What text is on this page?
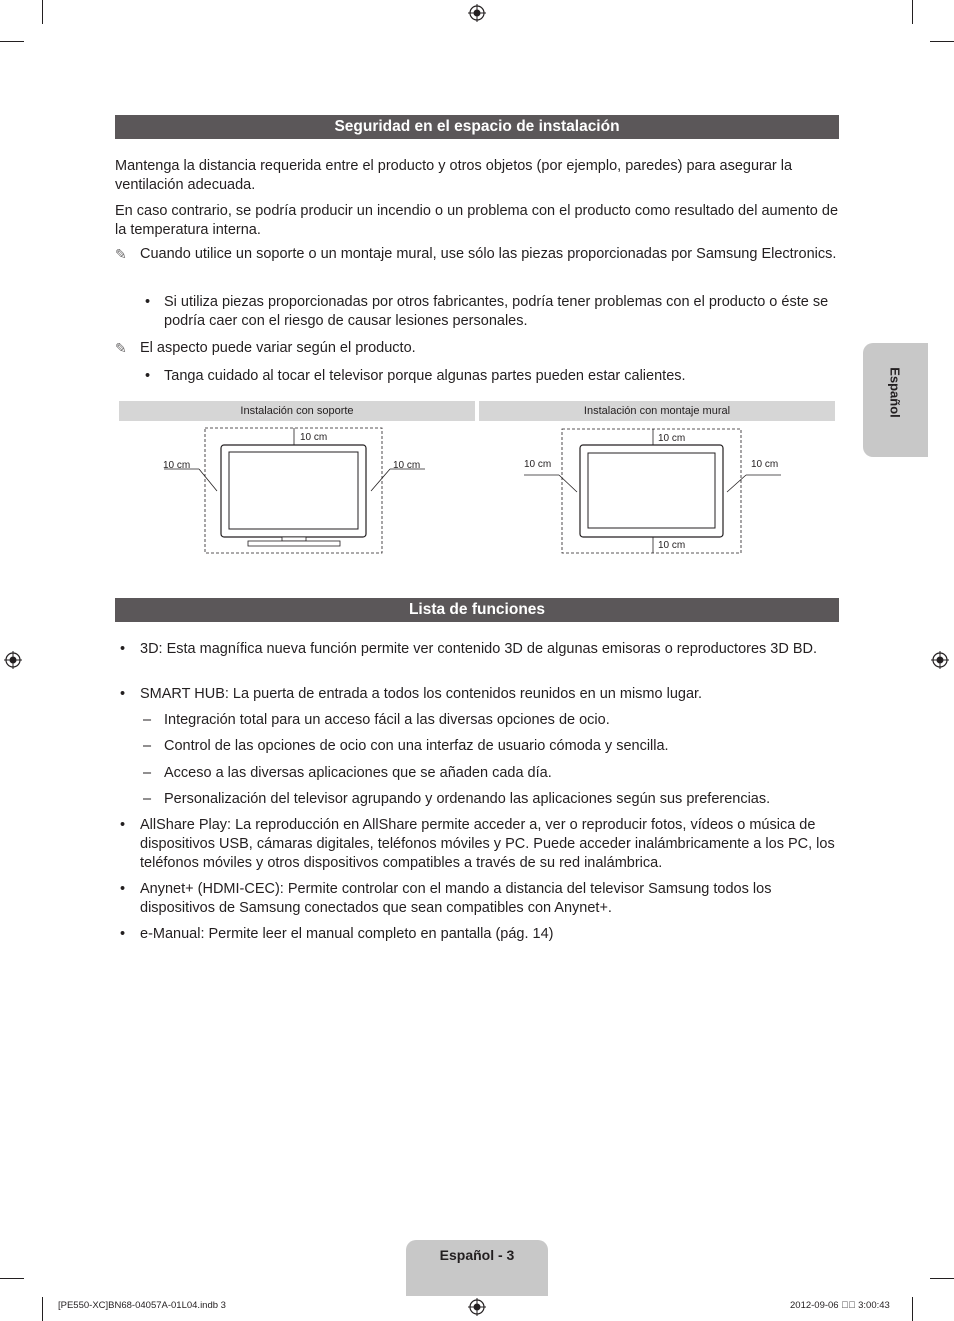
Seguridad en el espacio de instalación

Mantenga la distancia requerida entre el producto y otros objetos (por ejemplo, paredes) para asegurar la ventilación adecuada.

En caso contrario, se podría producir un incendio o un problema con el producto como resultado del aumento de la temperatura interna.

✎ Cuando utilice un soporte o un montaje mural, use sólo las piezas proporcionadas por Samsung Electronics.

• Si utiliza piezas proporcionadas por otros fabricantes, podría tener problemas con el producto o éste se podría caer con el riesgo de causar lesiones personales.

✎ El aspecto puede variar según el producto.

• Tanga cuidado al tocar el televisor porque algunas partes pueden estar calientes.

Instalación con soporte	Instalación con montaje mural
10 cm
10 cm	10 cm
10 cm
10 cm	10 cm
10 cm
Lista de funciones
• 3D: Esta magnífica nueva función permite ver contenido 3D de algunas emisoras o reproductores 3D BD.

• SMART HUB: La puerta de entrada a todos los contenidos reunidos en un mismo lugar.

– Integración total para un acceso fácil a las diversas opciones de ocio.

– Control de las opciones de ocio con una interfaz de usuario cómoda y sencilla.

– Acceso a las diversas aplicaciones que se añaden cada día.

– Personalización del televisor agrupando y ordenando las aplicaciones según sus preferencias.

• AllShare Play: La reproducción en AllShare permite acceder a, ver o reproducir fotos, vídeos o música de dispositivos USB, cámaras digitales, teléfonos móviles y PC. Puede acceder inalámbricamente a los PC, los teléfonos móviles y otros dispositivos compatibles a través de su red inalámbrica.

• Anynet+ (HDMI-CEC): Permite controlar con el mando a distancia del televisor Samsung todos los dispositivos de Samsung conectados que sean compatibles con Anynet+.

• e-Manual: Permite leer el manual completo en pantalla (pág. 14)

Español
Español - 3
[PE550-XC]BN68-04057A-01L04.indb 3	2012-09-06 ￿￿ 3:00:43
